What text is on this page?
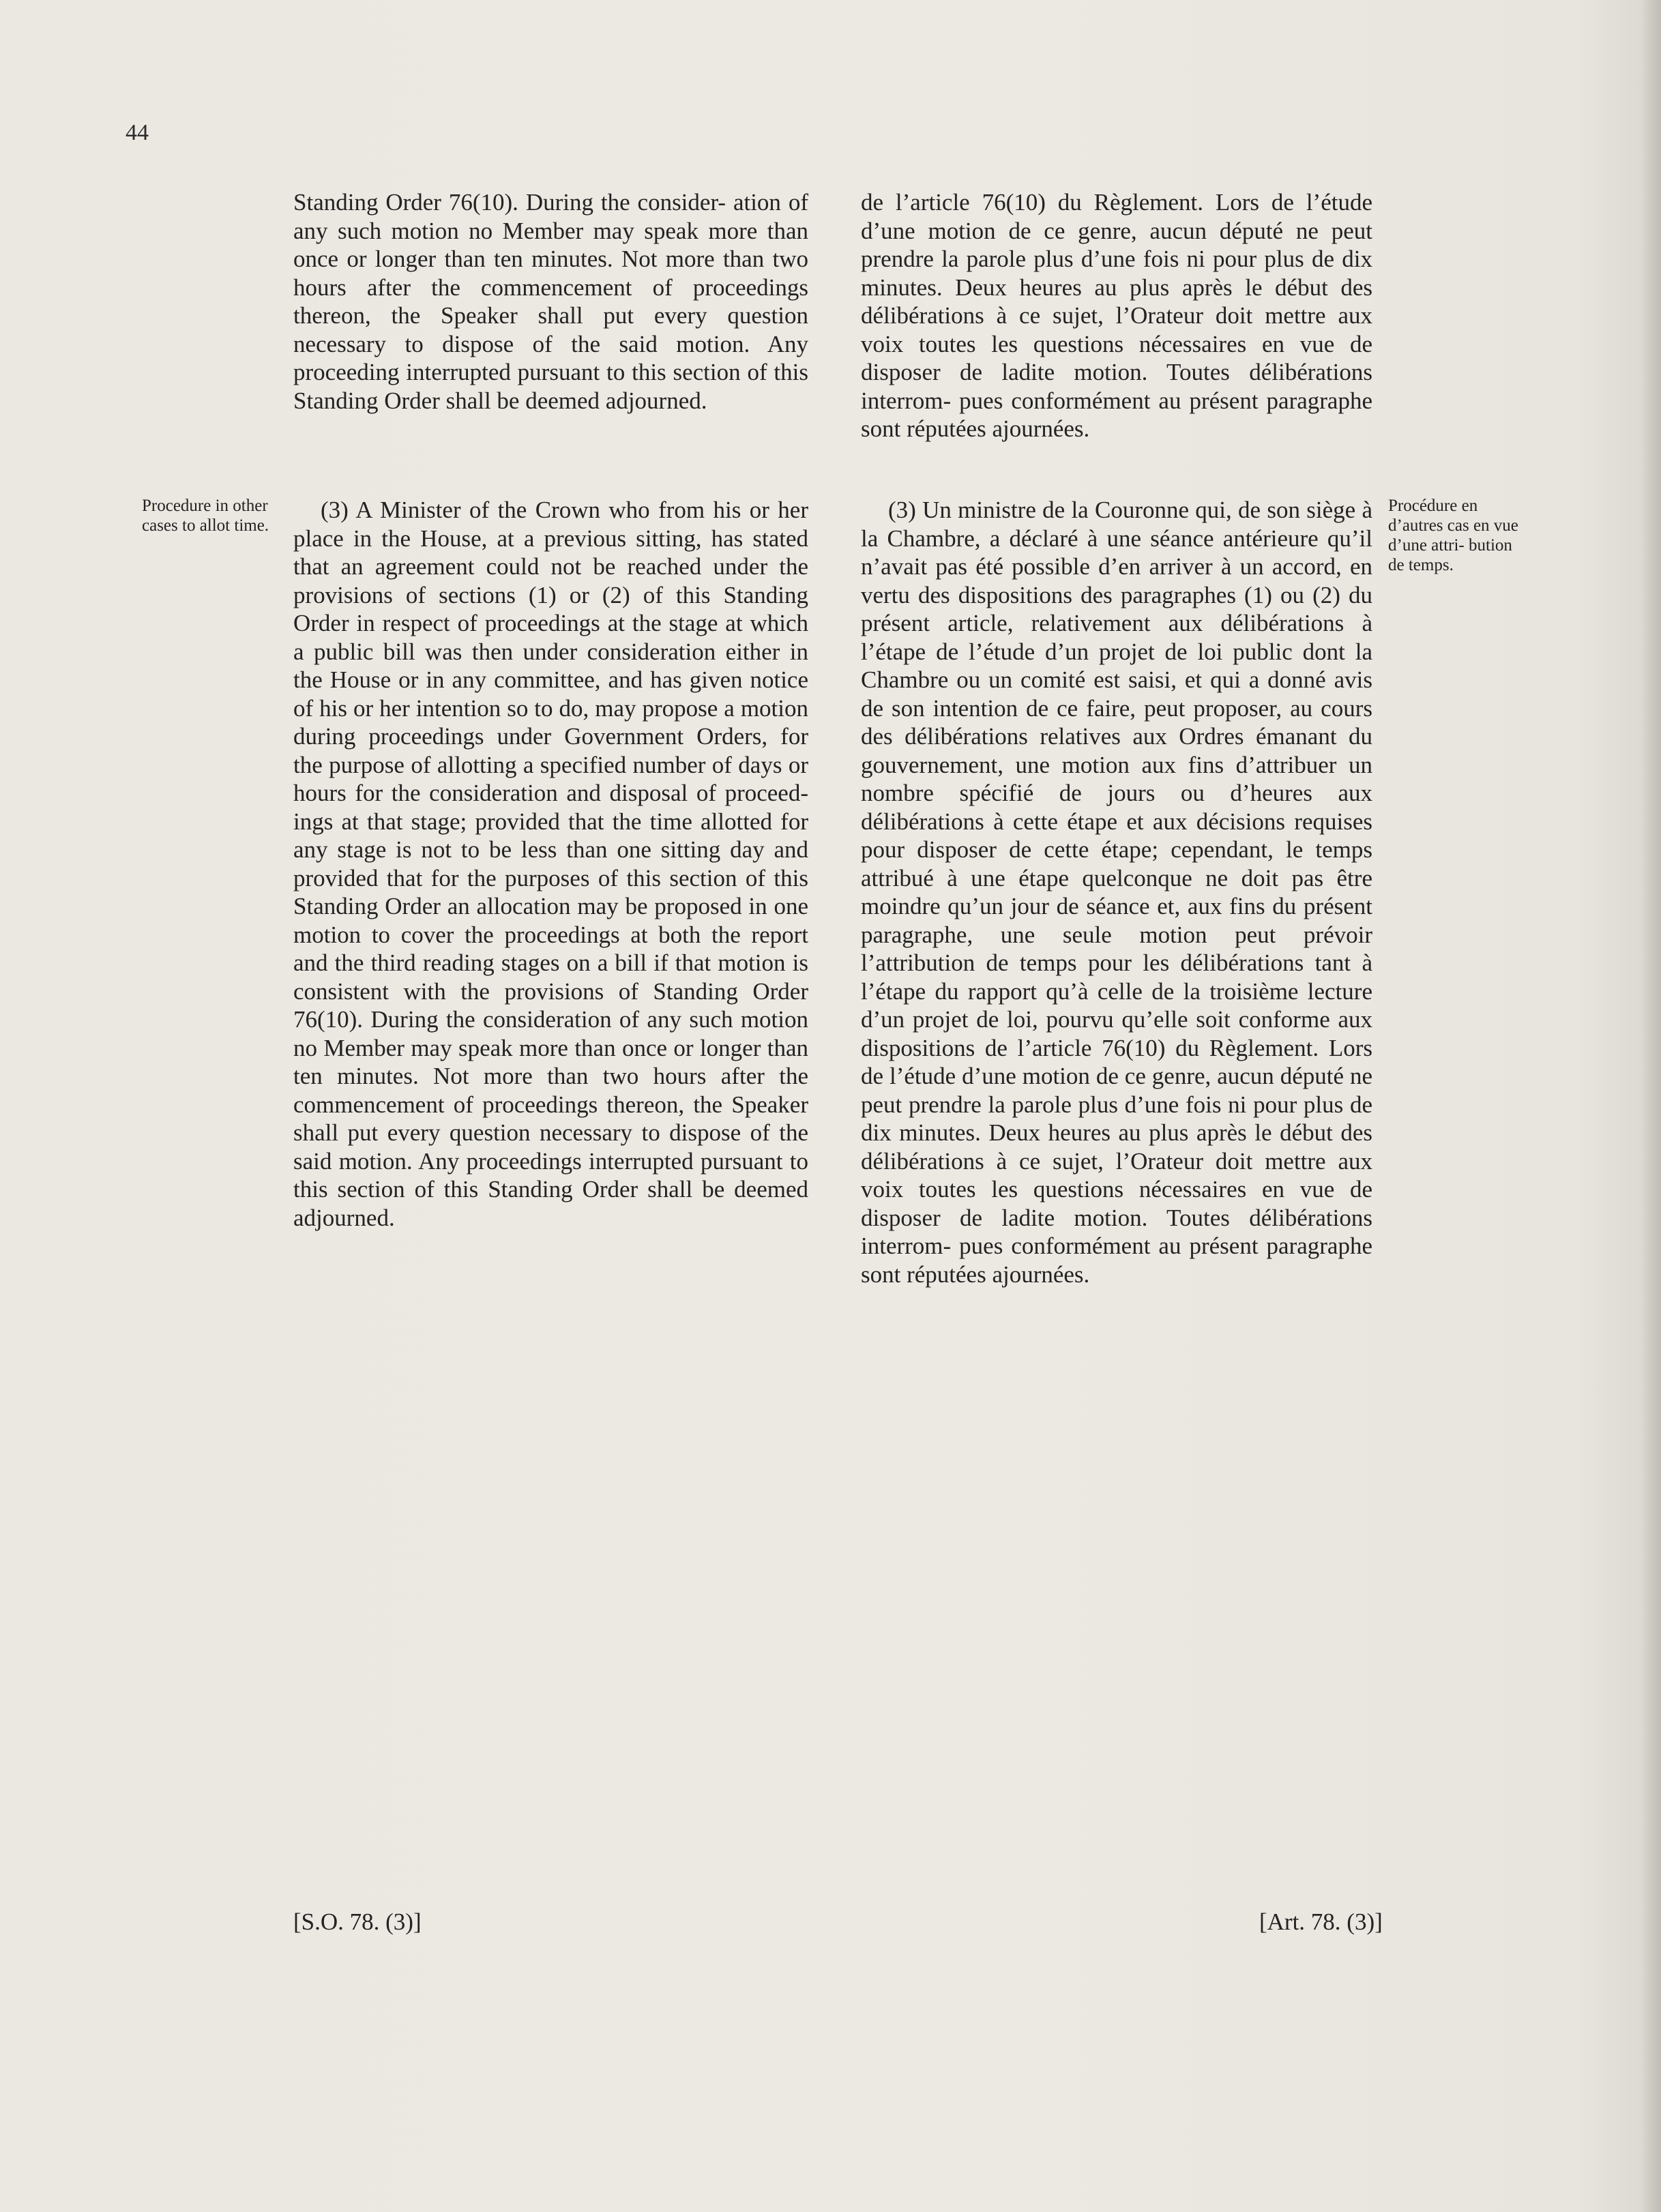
44

Standing Order 76(10). During the consider- ation of any such motion no Member may speak more than once or longer than ten minutes. Not more than two hours after the commencement of proceedings thereon, the Speaker shall put every question necessary to dispose of the said motion. Any proceeding interrupted pursuant to this section of this Standing Order shall be deemed adjourned.

Procedure in other cases to allot time.

(3) A Minister of the Crown who from his or her place in the House, at a previous sitting, has stated that an agreement could not be reached under the provisions of sections (1) or (2) of this Standing Order in respect of proceedings at the stage at which a public bill was then under consideration either in the House or in any committee, and has given notice of his or her intention so to do, may propose a motion during proceedings under Government Orders, for the purpose of allotting a specified number of days or hours for the consideration and disposal of proceed- ings at that stage; provided that the time allotted for any stage is not to be less than one sitting day and provided that for the purposes of this section of this Standing Order an allocation may be proposed in one motion to cover the proceedings at both the report and the third reading stages on a bill if that motion is consistent with the provisions of Standing Order 76(10). During the consideration of any such motion no Member may speak more than once or longer than ten minutes. Not more than two hours after the commencement of proceedings thereon, the Speaker shall put every question necessary to dispose of the said motion. Any proceedings interrupted pursuant to this section of this Standing Order shall be deemed adjourned.

[S.O. 78. (3)]

de l’article 76(10) du Règlement. Lors de l’étude d’une motion de ce genre, aucun député ne peut prendre la parole plus d’une fois ni pour plus de dix minutes. Deux heures au plus après le début des délibérations à ce sujet, l’Orateur doit mettre aux voix toutes les questions nécessaires en vue de disposer de ladite motion. Toutes délibérations interrom- pues conformément au présent paragraphe sont réputées ajournées.

Procédure en d’autres cas en vue d’une attri- bution de temps.

(3) Un ministre de la Couronne qui, de son siège à la Chambre, a déclaré à une séance antérieure qu’il n’avait pas été possible d’en arriver à un accord, en vertu des dispositions des paragraphes (1) ou (2) du présent article, relativement aux délibérations à l’étape de l’étude d’un projet de loi public dont la Chambre ou un comité est saisi, et qui a donné avis de son intention de ce faire, peut proposer, au cours des délibérations relatives aux Ordres émanant du gouvernement, une motion aux fins d’attribuer un nombre spécifié de jours ou d’heures aux délibérations à cette étape et aux décisions requises pour disposer de cette étape; cependant, le temps attribué à une étape quelconque ne doit pas être moindre qu’un jour de séance et, aux fins du présent paragraphe, une seule motion peut prévoir l’attribution de temps pour les délibérations tant à l’étape du rapport qu’à celle de la troisième lecture d’un projet de loi, pourvu qu’elle soit conforme aux dispositions de l’article 76(10) du Règlement. Lors de l’étude d’une motion de ce genre, aucun député ne peut prendre la parole plus d’une fois ni pour plus de dix minutes. Deux heures au plus après le début des délibérations à ce sujet, l’Orateur doit mettre aux voix toutes les questions nécessaires en vue de disposer de ladite motion. Toutes délibérations interrom- pues conformément au présent paragraphe sont réputées ajournées.

[Art. 78. (3)]
